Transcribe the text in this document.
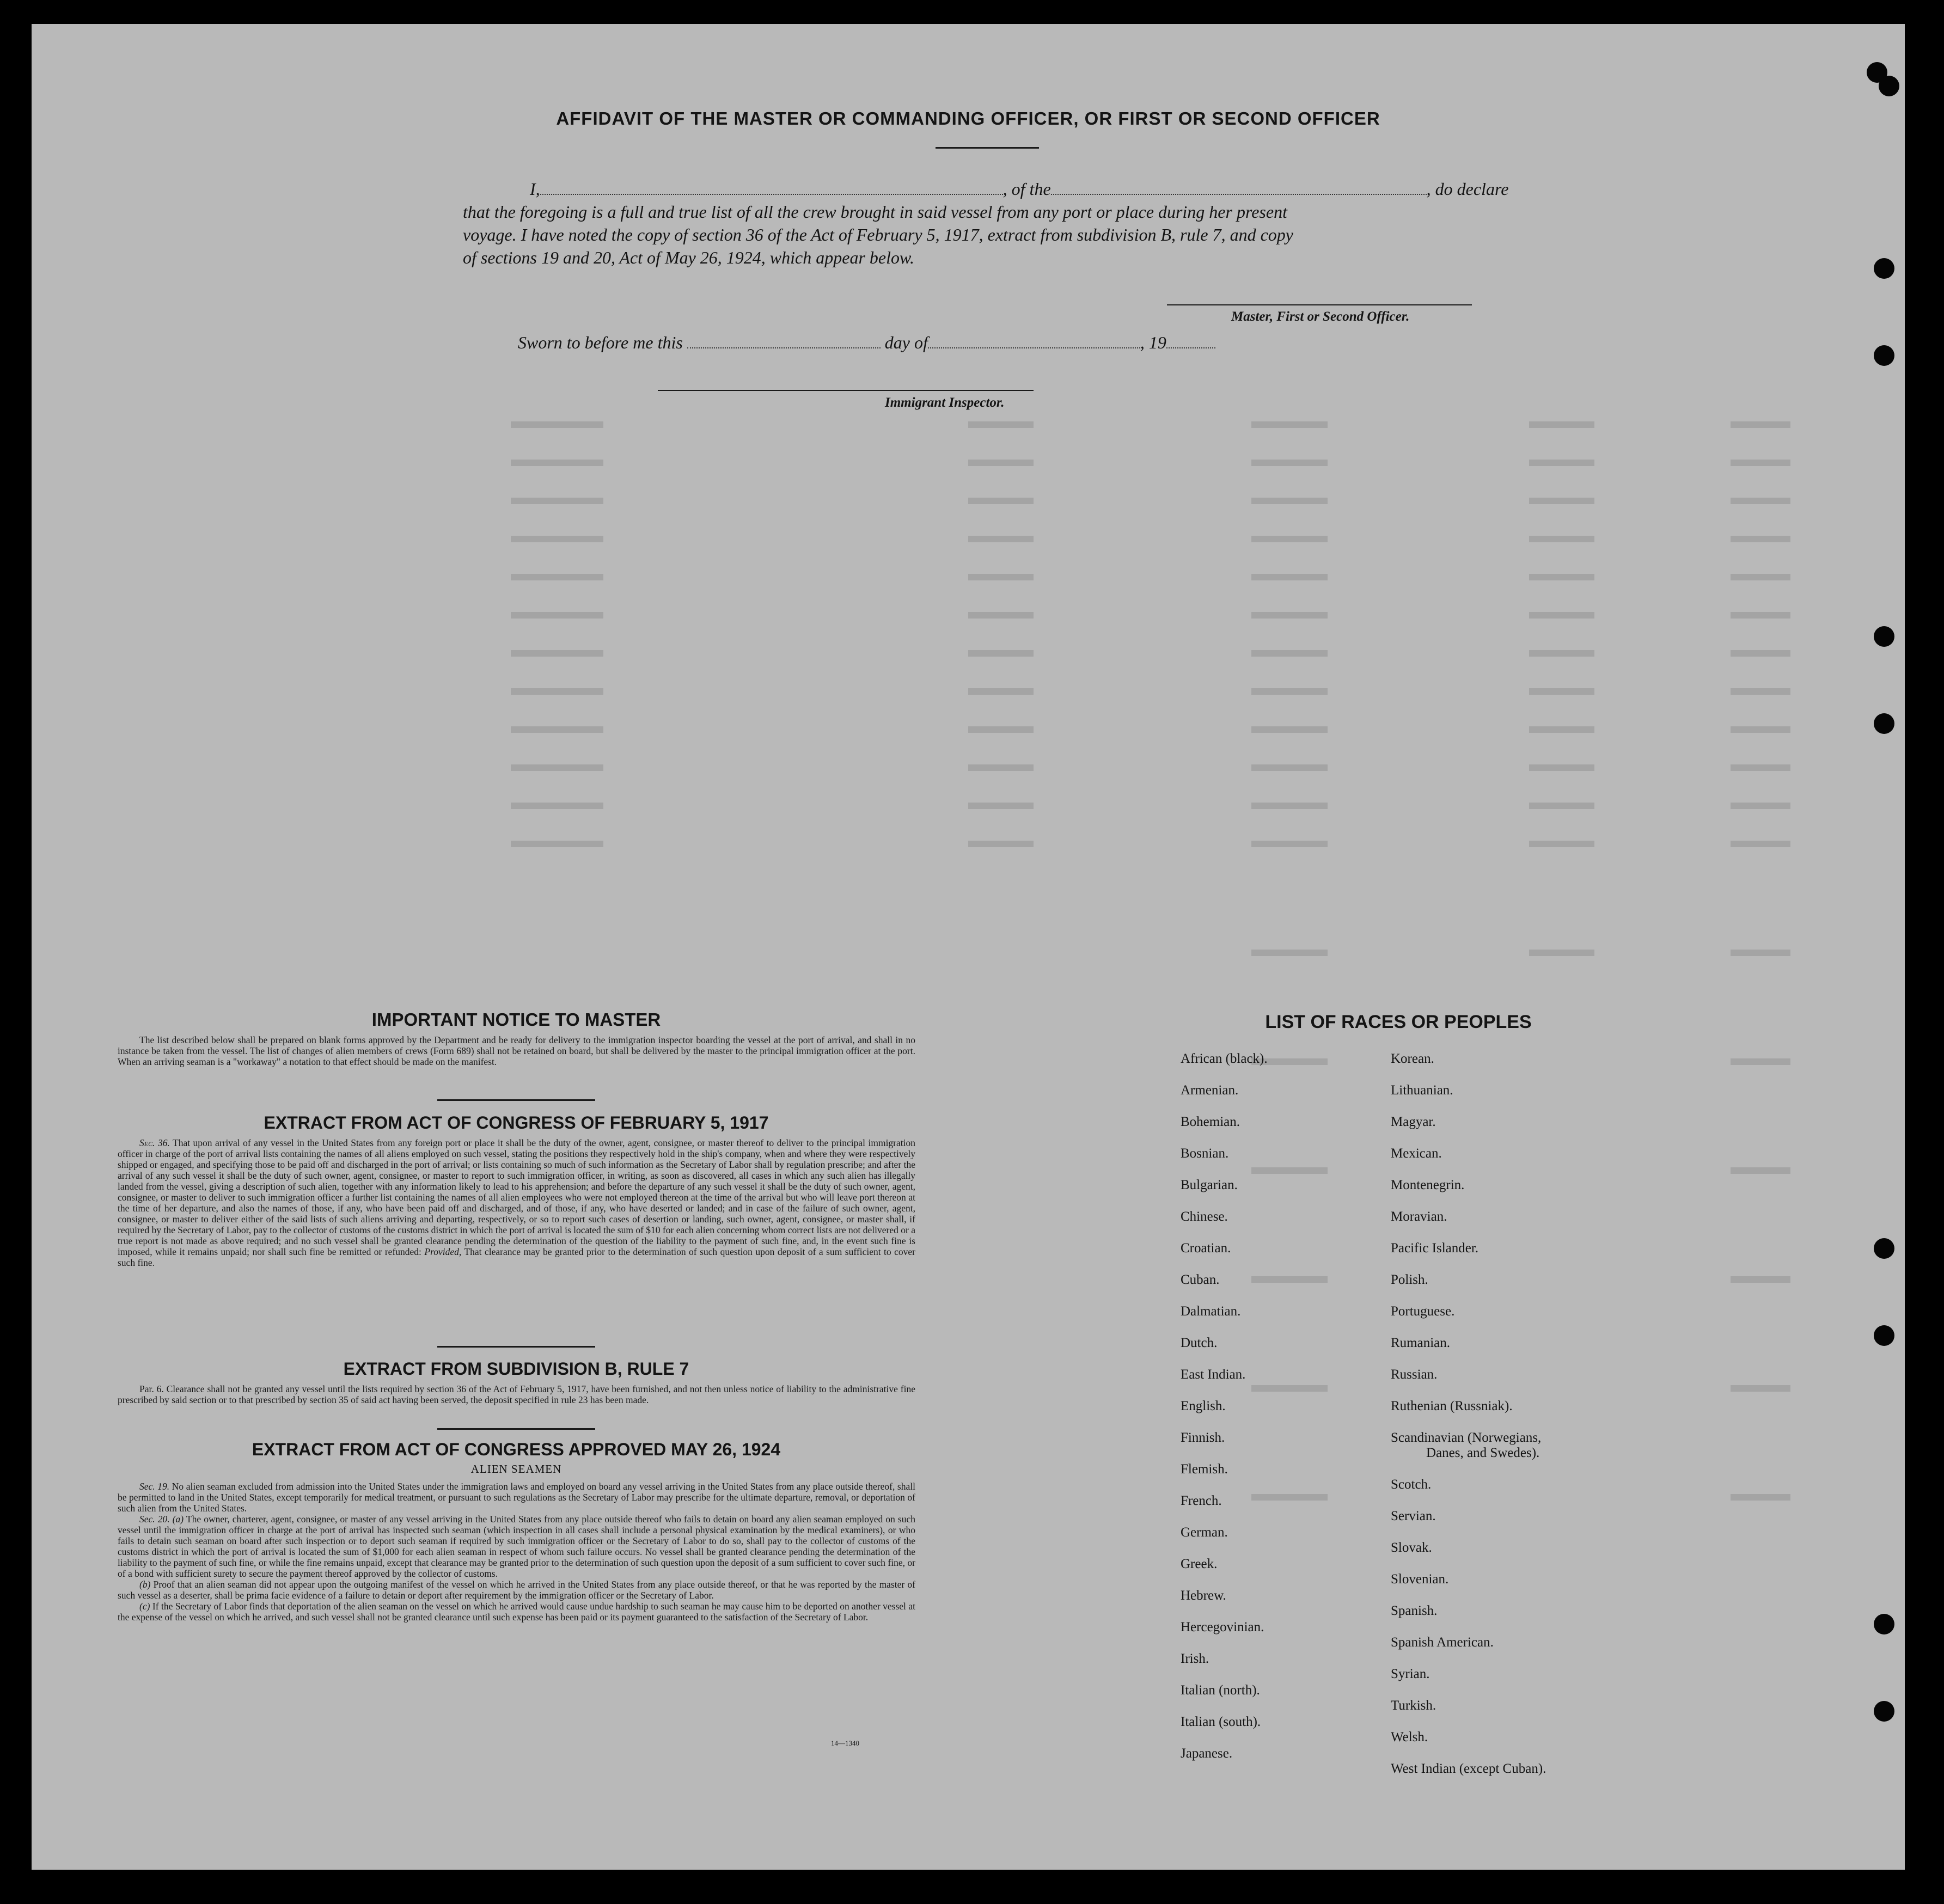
AFFIDAVIT OF THE MASTER OR COMMANDING OFFICER, OR FIRST OR SECOND OFFICER
I,	, of the	, do declare
that the foregoing is a full and true list of all the crew brought in said vessel from any port or place during her present
voyage. I have noted the copy of section 36 of the Act of February 5, 1917, extract from subdivision B, rule 7, and copy
of sections 19 and 20, Act of May 26, 1924, which appear below.
Master, First or Second Officer.
Sworn to before me this	day of	, 19
Immigrant Inspector.
IMPORTANT NOTICE TO MASTER
The list described below shall be prepared on blank forms approved by the Department and be ready for delivery to the immigration inspector boarding the vessel at the port of arrival, and shall in no instance be taken from the vessel. The list of changes of alien members of crews (Form 689) shall not be retained on board, but shall be delivered by the master to the principal immigration officer at the port. When an arriving seaman is a "workaway" a notation to that effect should be made on the manifest.
EXTRACT FROM ACT OF CONGRESS OF FEBRUARY 5, 1917
Sec. 36. That upon arrival of any vessel in the United States from any foreign port or place it shall be the duty of the owner, agent, consignee, or master thereof to deliver to the principal immigration officer in charge of the port of arrival lists containing the names of all aliens employed on such vessel, stating the positions they respectively hold in the ship's company, when and where they were respectively shipped or engaged, and specifying those to be paid off and discharged in the port of arrival; or lists containing so much of such information as the Secretary of Labor shall by regulation prescribe; and after the arrival of any such vessel it shall be the duty of such owner, agent, consignee, or master to report to such immigration officer, in writing, as soon as discovered, all cases in which any such alien has illegally landed from the vessel, giving a description of such alien, together with any information likely to lead to his apprehension; and before the departure of any such vessel it shall be the duty of such owner, agent, consignee, or master to deliver to such immigration officer a further list containing the names of all alien employees who were not employed thereon at the time of the arrival but who will leave port thereon at the time of her departure, and also the names of those, if any, who have been paid off and discharged, and of those, if any, who have deserted or landed; and in case of the failure of such owner, agent, consignee, or master to deliver either of the said lists of such aliens arriving and departing, respectively, or so to report such cases of desertion or landing, such owner, agent, consignee, or master shall, if required by the Secretary of Labor, pay to the collector of customs of the customs district in which the port of arrival is located the sum of $10 for each alien concerning whom correct lists are not delivered or a true report is not made as above required; and no such vessel shall be granted clearance pending the determination of the question of the liability to the payment of such fine, and, in the event such fine is imposed, while it remains unpaid; nor shall such fine be remitted or refunded: Provided, That clearance may be granted prior to the determination of such question upon deposit of a sum sufficient to cover such fine.
EXTRACT FROM SUBDIVISION B, RULE 7
Par. 6. Clearance shall not be granted any vessel until the lists required by section 36 of the Act of February 5, 1917, have been furnished, and not then unless notice of liability to the administrative fine prescribed by said section or to that prescribed by section 35 of said act having been served, the deposit specified in rule 23 has been made.
EXTRACT FROM ACT OF CONGRESS APPROVED MAY 26, 1924
ALIEN SEAMEN

Sec. 19. No alien seaman excluded from admission into the United States under the immigration laws and employed on board any vessel arriving in the United States from any place outside thereof, shall be permitted to land in the United States, except temporarily for medical treatment, or pursuant to such regulations as the Secretary of Labor may prescribe for the ultimate departure, removal, or deportation of such alien from the United States.

Sec. 20. (a) The owner, charterer, agent, consignee, or master of any vessel arriving in the United States from any place outside thereof who fails to detain on board any alien seaman employed on such vessel until the immigration officer in charge at the port of arrival has inspected such seaman (which inspection in all cases shall include a personal physical examination by the medical examiners), or who fails to detain such seaman on board after such inspection or to deport such seaman if required by such immigration officer or the Secretary of Labor to do so, shall pay to the collector of customs of the customs district in which the port of arrival is located the sum of $1,000 for each alien seaman in respect of whom such failure occurs. No vessel shall be granted clearance pending the determination of the liability to the payment of such fine, or while the fine remains unpaid, except that clearance may be granted prior to the determination of such question upon the deposit of a sum sufficient to cover such fine, or of a bond with sufficient surety to secure the payment thereof approved by the collector of customs.

(b) Proof that an alien seaman did not appear upon the outgoing manifest of the vessel on which he arrived in the United States from any place outside thereof, or that he was reported by the master of such vessel as a deserter, shall be prima facie evidence of a failure to detain or deport after requirement by the immigration officer or the Secretary of Labor.

(c) If the Secretary of Labor finds that deportation of the alien seaman on the vessel on which he arrived would cause undue hardship to such seaman he may cause him to be deported on another vessel at the expense of the vessel on which he arrived, and such vessel shall not be granted clearance until such expense has been paid or its payment guaranteed to the satisfaction of the Secretary of Labor.

14—1340
LIST OF RACES OR PEOPLES
African (black).
Armenian.
Bohemian.
Bosnian.
Bulgarian.
Chinese.
Croatian.
Cuban.
Dalmatian.
Dutch.
East Indian.
English.
Finnish.
Flemish.
French.
German.
Greek.
Hebrew.
Hercegovinian.
Irish.
Italian (north).
Italian (south).
Japanese.
Korean.
Lithuanian.
Magyar.
Mexican.
Montenegrin.
Moravian.
Pacific Islander.
Polish.
Portuguese.
Rumanian.
Russian.
Ruthenian (Russniak).
Scandinavian (Norwegians,
Danes, and Swedes).
Scotch.
Servian.
Slovak.
Slovenian.
Spanish.
Spanish American.
Syrian.
Turkish.
Welsh.
West Indian (except Cuban).
